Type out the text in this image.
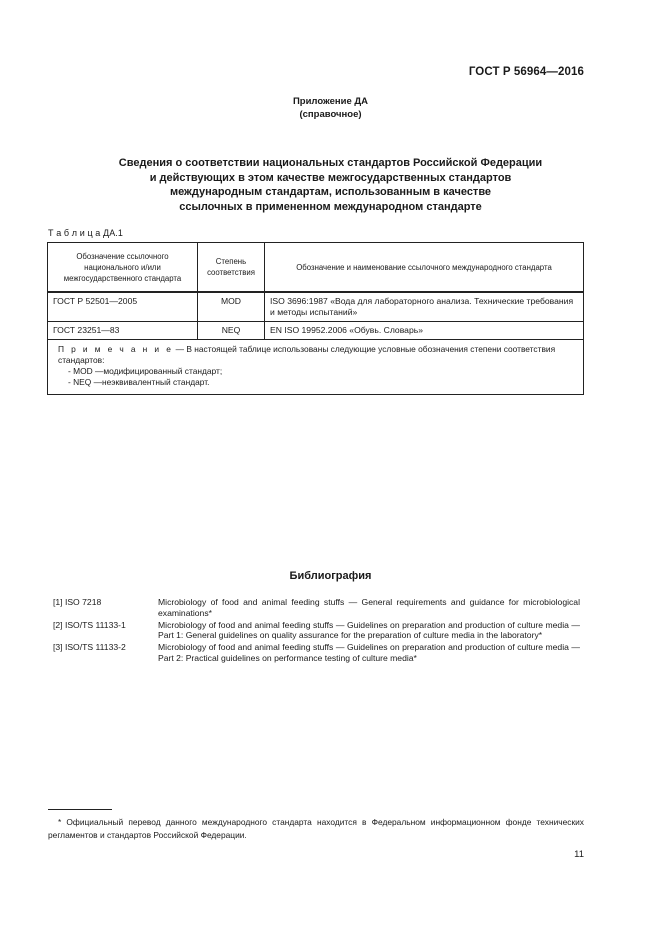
ГОСТ Р 56964—2016
Приложение ДА
(справочное)
Сведения о соответствии национальных стандартов Российской Федерации
и действующих в этом качестве межгосударственных стандартов
международным стандартам, использованным в качестве
ссылочных в примененном международном стандарте
Т а б л и ц а ДА.1
Обозначение ссылочного национального и/или межгосударственного стандарта	Степень соответствия	Обозначение и наименование ссылочного международного стандарта
ГОСТ Р 52501—2005	MOD	ISO 3696:1987 «Вода для лабораторного анализа. Технические требования и методы испытаний»
ГОСТ 23251—83	NEQ	EN ISO 19952.2006 «Обувь. Словарь»

П р и м е ч а н и е — В настоящей таблице использованы следующие условные обозначения степени соответствия стандартов:
- MOD —модифицированный стандарт;
- NEQ —неэквивалентный стандарт.		
Библиография
[1] ISO 7218	Microbiology of food and animal feeding stuffs — General requirements and guidance for microbiological examinations*
[2] ISO/TS 11133-1	Microbiology of food and animal feeding stuffs — Guidelines on preparation and production of culture media — Part 1: General guidelines on quality assurance for the preparation of culture media in the laboratory*
[3] ISO/TS 11133-2	Microbiology of food and animal feeding stuffs — Guidelines on preparation and production of culture media — Part 2: Practical guidelines on performance testing of culture media*
* Официальный перевод данного международного стандарта находится в Федеральном информационном фонде технических регламентов и стандартов Российской Федерации.
11
